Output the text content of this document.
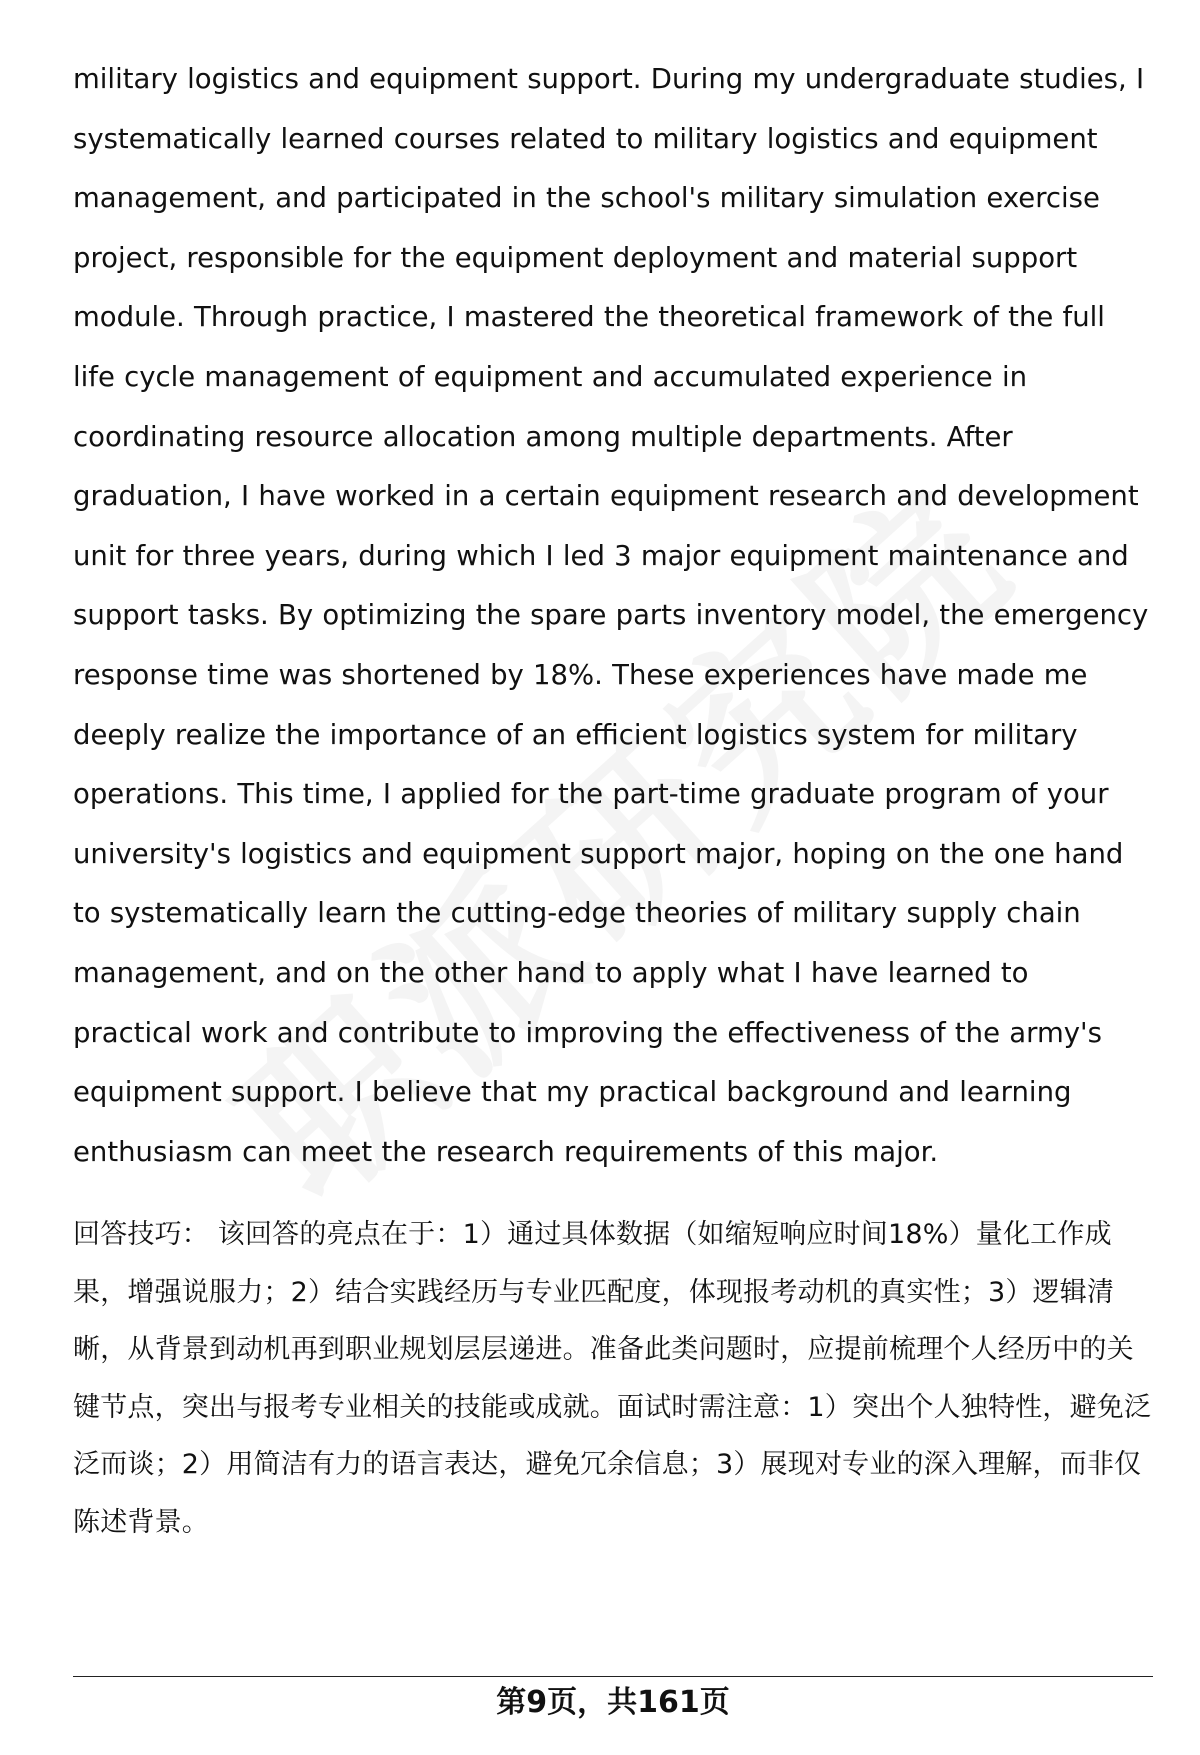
military logistics and equipment support. During my undergraduate studies, I systematically learned courses related to military logistics and equipment management, and participated in the school's military simulation exercise project, responsible for the equipment deployment and material support module. Through practice, I mastered the theoretical framework of the full life cycle management of equipment and accumulated experience in coordinating resource allocation among multiple departments. After graduation, I have worked in a certain equipment research and development unit for three years, during which I led 3 major equipment maintenance and support tasks. By optimizing the spare parts inventory model, the emergency response time was shortened by 18%. These experiences have made me deeply realize the importance of an efficient logistics system for military operations. This time, I applied for the part-time graduate program of your university's logistics and equipment support major, hoping on the one hand to systematically learn the cutting-edge theories of military supply chain management, and on the other hand to apply what I have learned to practical work and contribute to improving the effectiveness of the army's equipment support. I believe that my practical background and learning enthusiasm can meet the research requirements of this major.

回答技巧： 该回答的亮点在于：1）通过具体数据（如缩短响应时间18%）量化工作成果，增强说服力；2）结合实践经历与专业匹配度，体现报考动机的真实性；3）逻辑清晰，从背景到动机再到职业规划层层递进。准备此类问题时，应提前梳理个人经历中的关键节点，突出与报考专业相关的技能或成就。面试时需注意：1）突出个人独特性，避免泛泛而谈；2）用简洁有力的语言表达，避免冗余信息；3）展现对专业的深入理解，而非仅陈述背景。

第9页，共161页
